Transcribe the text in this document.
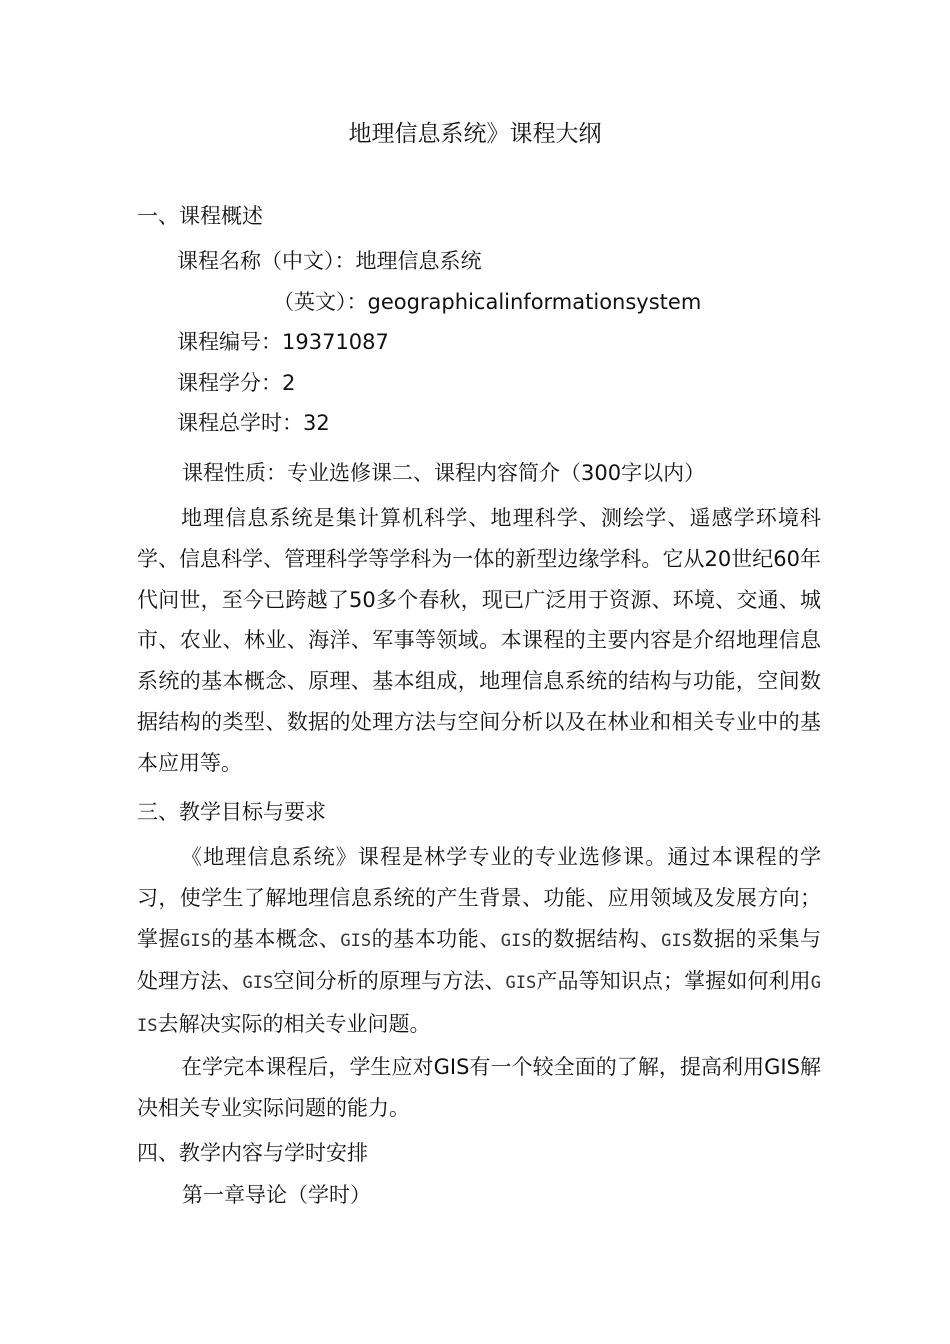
地理信息系统》课程大纲
一、课程概述
课程名称（中文）：地理信息系统
（英文）：geographicalinformationsystem
课程编号：19371087
课程学分：2
课程总学时：32
课程性质：专业选修课二、课程内容简介（300字以内）
地理信息系统是集计算机科学、地理科学、测绘学、遥感学环境科学、信息科学、管理科学等学科为一体的新型边缘学科。它从20世纪60年代问世，至今已跨越了50多个春秋，现已广泛用于资源、环境、交通、城市、农业、林业、海洋、军事等领域。本课程的主要内容是介绍地理信息系统的基本概念、原理、基本组成，地理信息系统的结构与功能，空间数据结构的类型、数据的处理方法与空间分析以及在林业和相关专业中的基本应用等。
三、教学目标与要求
《地理信息系统》课程是林学专业的专业选修课。通过本课程的学习，使学生了解地理信息系统的产生背景、功能、应用领域及发展方向；掌握GIS的基本概念、GIS的基本功能、GIS的数据结构、GIS数据的采集与处理方法、GIS空间分析的原理与方法、GIS产品等知识点；掌握如何利用GIS去解决实际的相关专业问题。
在学完本课程后，学生应对GIS有一个较全面的了解，提高利用GIS解决相关专业实际问题的能力。
四、教学内容与学时安排
第一章导论（学时）
